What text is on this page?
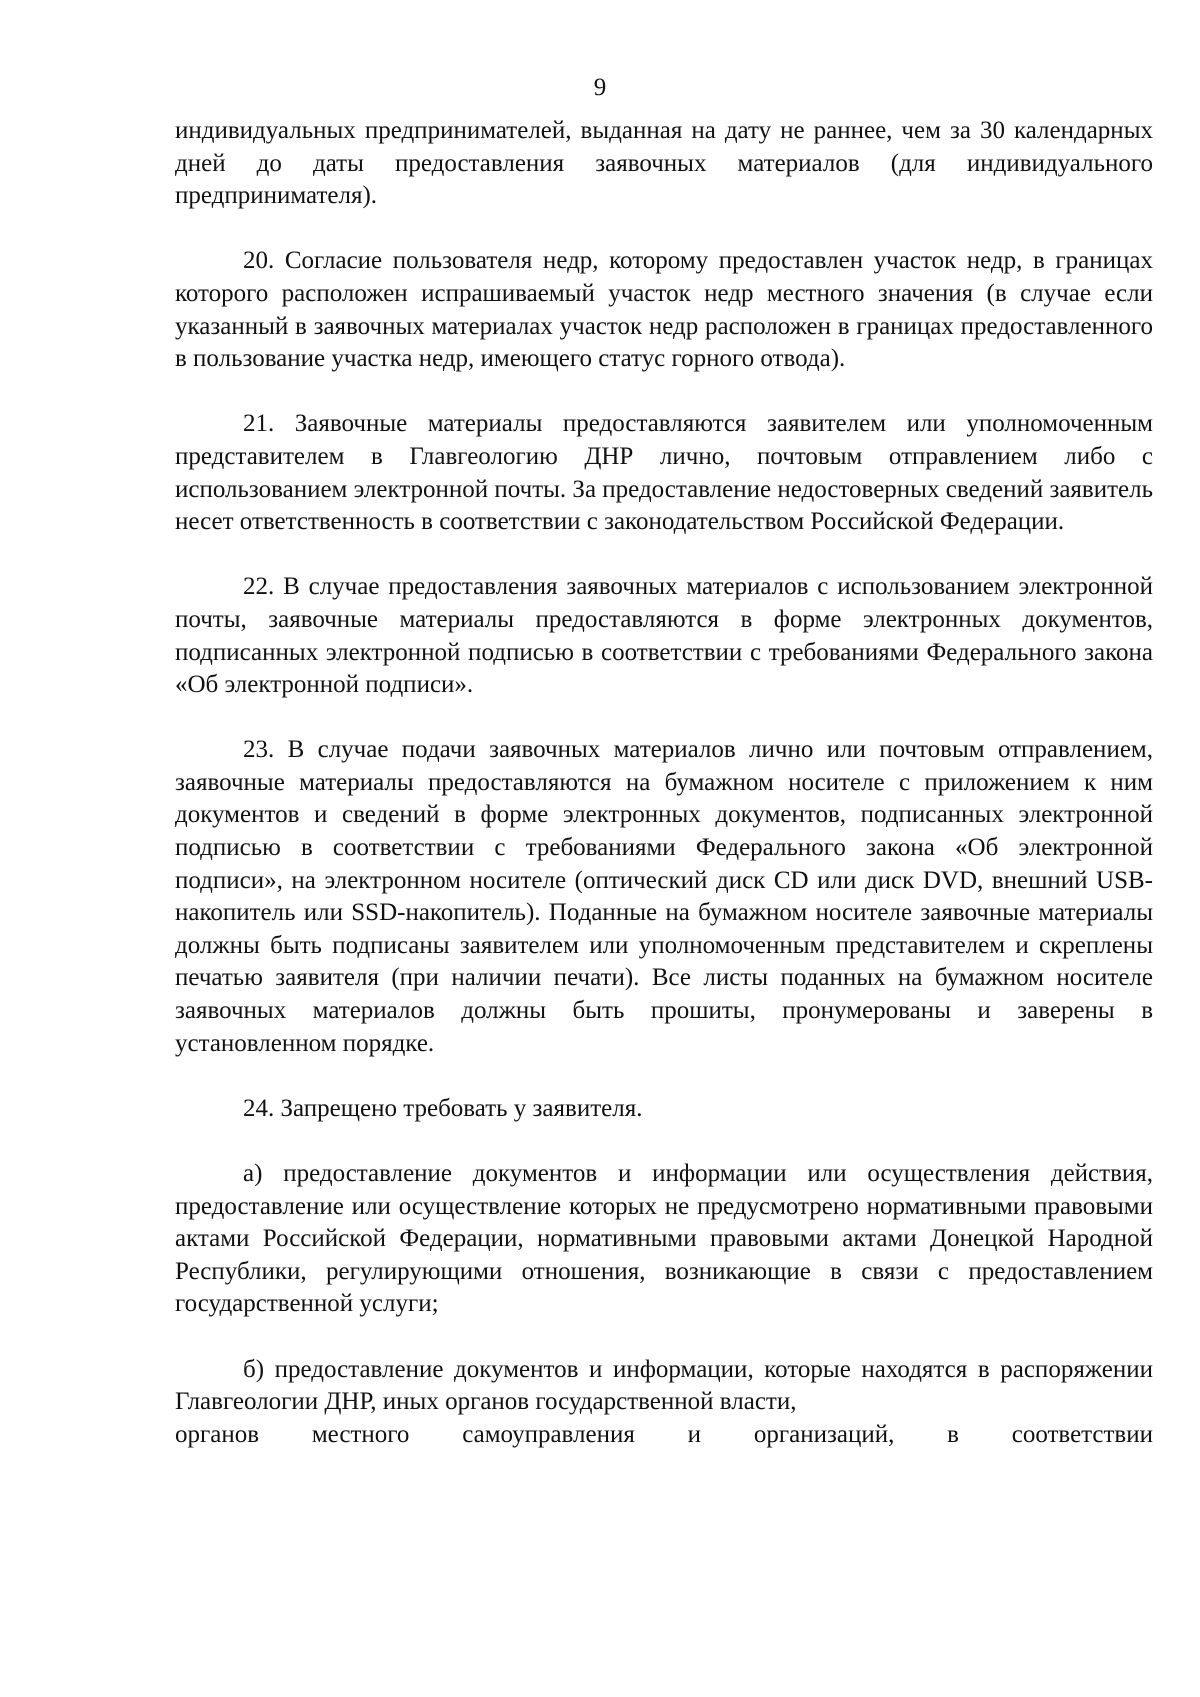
9

индивидуальных предпринимателей, выданная на дату не раннее, чем за 30 календарных дней до даты предоставления заявочных материалов (для индивидуального предпринимателя).

20. Согласие пользователя недр, которому предоставлен участок недр, в границах которого расположен испрашиваемый участок недр местного значения (в случае если указанный в заявочных материалах участок недр расположен в границах предоставленного в пользование участка недр, имеющего статус горного отвода).

21. Заявочные материалы предоставляются заявителем или уполномоченным представителем в Главгеологию ДНР лично, почтовым отправлением либо с использованием электронной почты. За предоставление недостоверных сведений заявитель несет ответственность в соответствии с законодательством Российской Федерации.

22. В случае предоставления заявочных материалов с использованием электронной почты, заявочные материалы предоставляются в форме электронных документов, подписанных электронной подписью в соответствии с требованиями Федерального закона «Об электронной подписи».

23. В случае подачи заявочных материалов лично или почтовым отправлением, заявочные материалы предоставляются на бумажном носителе с приложением к ним документов и сведений в форме электронных документов, подписанных электронной подписью в соответствии с требованиями Федерального закона «Об электронной подписи», на электронном носителе (оптический диск CD или диск DVD, внешний USB-накопитель или SSD-накопитель). Поданные на бумажном носителе заявочные материалы должны быть подписаны заявителем или уполномоченным представителем и скреплены печатью заявителя (при наличии печати). Все листы поданных на бумажном носителе заявочных материалов должны быть прошиты, пронумерованы и заверены в установленном порядке.

24. Запрещено требовать у заявителя.

а) предоставление документов и информации или осуществления действия, предоставление или осуществление которых не предусмотрено нормативными правовыми актами Российской Федерации, нормативными правовыми актами Донецкой Народной Республики, регулирующими отношения, возникающие в связи с предоставлением государственной услуги;

б) предоставление документов и информации, которые находятся в распоряжении Главгеологии ДНР, иных органов государственной власти,

органов местного самоуправления и организаций, в соответствии
